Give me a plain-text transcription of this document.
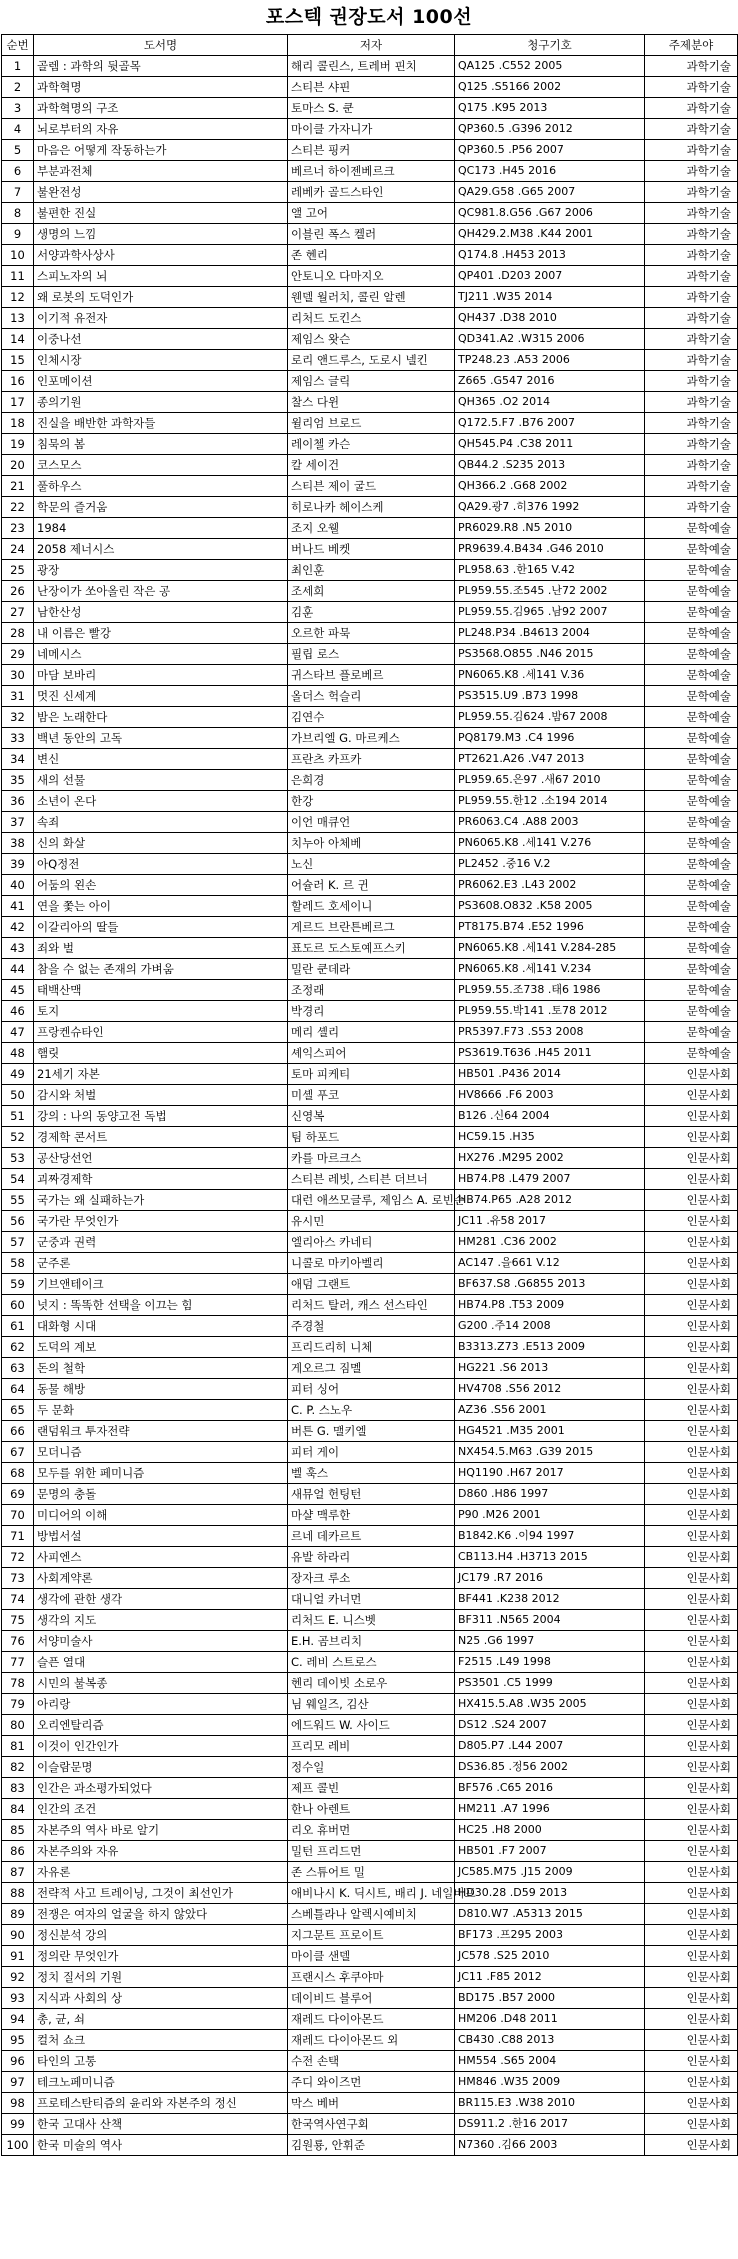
포스텍 권장도서 100선
순번	도서명	저자	청구기호	주제분야
1	골렘 : 과학의 뒷골목	해리 콜린스, 트레버 핀치	QA125 .C552 2005	과학기술
2	과학혁명	스티븐 샤핀	Q125 .S5166 2002	과학기술
3	과학혁명의 구조	토마스 S. 쿤	Q175 .K95 2013	과학기술
4	뇌로부터의 자유	마이클 가자니가	QP360.5 .G396 2012	과학기술
5	마음은 어떻게 작동하는가	스티븐 핑커	QP360.5 .P56 2007	과학기술
6	부분과전체	베르너 하이젠베르크	QC173 .H45 2016	과학기술
7	불완전성	레베카 골드스타인	QA29.G58 .G65 2007	과학기술
8	불편한 진실	앨 고어	QC981.8.G56 .G67 2006	과학기술
9	생명의 느낌	이블린 폭스 켈러	QH429.2.M38 .K44 2001	과학기술
10	서양과학사상사	존 헨리	Q174.8 .H453 2013	과학기술
11	스피노자의 뇌	안토니오 다마지오	QP401 .D203 2007	과학기술
12	왜 로봇의 도덕인가	웬델 월러치, 콜린 알렌	TJ211 .W35 2014	과학기술
13	이기적 유전자	리처드 도킨스	QH437 .D38 2010	과학기술
14	이중나선	제임스 왓슨	QD341.A2 .W315 2006	과학기술
15	인체시장	로리 앤드루스, 도로시 넬킨	TP248.23 .A53 2006	과학기술
16	인포메이션	제임스 글릭	Z665 .G547 2016	과학기술
17	종의기원	찰스 다윈	QH365 .O2 2014	과학기술
18	진실을 배반한 과학자들	윌리엄 브로드	Q172.5.F7 .B76 2007	과학기술
19	침묵의 봄	레이첼 카슨	QH545.P4 .C38 2011	과학기술
20	코스모스	칼 세이건	QB44.2 .S235 2013	과학기술
21	풀하우스	스티븐 제이 굴드	QH366.2 .G68 2002	과학기술
22	학문의 즐거움	히로나카 헤이스케	QA29.광7 .히376 1992	과학기술
23	1984	조지 오웰	PR6029.R8 .N5 2010	문학예술
24	2058 제너시스	버나드 베켓	PR9639.4.B434 .G46 2010	문학예술
25	광장	최인훈	PL958.63 .한165 V.42	문학예술
26	난장이가 쏘아올린 작은 공	조세희	PL959.55.조545 .난72 2002	문학예술
27	남한산성	김훈	PL959.55.김965 .남92 2007	문학예술
28	내 이름은 빨강	오르한 파묵	PL248.P34 .B4613 2004	문학예술
29	네메시스	필립 로스	PS3568.O855 .N46 2015	문학예술
30	마담 보바리	귀스타브 플로베르	PN6065.K8 .세141 V.36	문학예술
31	멋진 신세계	올더스 헉슬리	PS3515.U9 .B73 1998	문학예술
32	밤은 노래한다	김연수	PL959.55.김624 .밤67 2008	문학예술
33	백년 동안의 고독	가브리엘 G. 마르케스	PQ8179.M3 .C4 1996	문학예술
34	변신	프란츠 카프카	PT2621.A26 .V47 2013	문학예술
35	새의 선물	은희경	PL959.65.은97 .새67 2010	문학예술
36	소년이 온다	한강	PL959.55.한12 .소194 2014	문학예술
37	속죄	이언 매큐언	PR6063.C4 .A88 2003	문학예술
38	신의 화살	치누아 아체베	PN6065.K8 .세141 V.276	문학예술
39	아Q정전	노신	PL2452 .중16 V.2	문학예술
40	어둠의 왼손	어슐러 K. 르 귄	PR6062.E3 .L43 2002	문학예술
41	연을 쫓는 아이	할레드 호세이니	PS3608.O832 .K58 2005	문학예술
42	이갈리아의 딸들	게르드 브란튼베르그	PT8175.B74 .E52 1996	문학예술
43	죄와 벌	표도르 도스토예프스키	PN6065.K8 .세141 V.284-285	문학예술
44	참을 수 없는 존재의 가벼움	밀란 쿤데라	PN6065.K8 .세141 V.234	문학예술
45	태백산맥	조정래	PL959.55.조738 .태6 1986	문학예술
46	토지	박경리	PL959.55.박141 .토78 2012	문학예술
47	프랑켄슈타인	메리 셸리	PR5397.F73 .S53 2008	문학예술
48	햄릿	셰익스피어	PS3619.T636 .H45 2011	문학예술
49	21세기 자본	토마 피케티	HB501 .P436 2014	인문사회
50	감시와 처벌	미셸 푸코	HV8666 .F6 2003	인문사회
51	강의 : 나의 동양고전 독법	신영복	B126 .신64 2004	인문사회
52	경제학 콘서트	팀 하포드	HC59.15 .H35	인문사회
53	공산당선언	카를 마르크스	HX276 .M295 2002	인문사회
54	괴짜경제학	스티븐 레빗, 스티븐 더브너	HB74.P8 .L479 2007	인문사회
55	국가는 왜 실패하는가	대런 애쓰모글루, 제임스 A. 로빈슨	HB74.P65 .A28 2012	인문사회
56	국가란 무엇인가	유시민	JC11 .유58 2017	인문사회
57	군중과 권력	엘리아스 카네티	HM281 .C36 2002	인문사회
58	군주론	니콜로 마키아벨리	AC147 .을661 V.12	인문사회
59	기브앤테이크	애덤 그랜트	BF637.S8 .G6855 2013	인문사회
60	넛지 : 똑똑한 선택을 이끄는 힘	리처드 탈러, 캐스 선스타인	HB74.P8 .T53 2009	인문사회
61	대화형 시대	주경철	G200 .주14 2008	인문사회
62	도덕의 계보	프리드리히 니체	B3313.Z73 .E513 2009	인문사회
63	돈의 철학	게오르그 짐멜	HG221 .S6 2013	인문사회
64	동물 해방	피터 싱어	HV4708 .S56 2012	인문사회
65	두 문화	C. P. 스노우	AZ36 .S56 2001	인문사회
66	랜덤워크 투자전략	버튼 G. 맬키엘	HG4521 .M35 2001	인문사회
67	모더니즘	피터 게이	NX454.5.M63 .G39 2015	인문사회
68	모두를 위한 페미니즘	벨 훅스	HQ1190 .H67 2017	인문사회
69	문명의 충돌	새뮤얼 헌팅턴	D860 .H86 1997	인문사회
70	미디어의 이해	마샬 맥루한	P90 .M26 2001	인문사회
71	방법서설	르네 데카르트	B1842.K6 .이94 1997	인문사회
72	사피엔스	유발 하라리	CB113.H4 .H3713 2015	인문사회
73	사회계약론	장자크 루소	JC179 .R7 2016	인문사회
74	생각에 관한 생각	대니얼 카너먼	BF441 .K238 2012	인문사회
75	생각의 지도	리처드 E. 니스벳	BF311 .N565 2004	인문사회
76	서양미술사	E.H. 곰브리치	N25 .G6 1997	인문사회
77	슬픈 열대	C. 레비 스트로스	F2515 .L49 1998	인문사회
78	시민의 불복종	헨리 데이빗 소로우	PS3501 .C5 1999	인문사회
79	아리랑	님 웨일즈, 김산	HX415.5.A8 .W35 2005	인문사회
80	오리엔탈리즘	에드워드 W. 사이드	DS12 .S24 2007	인문사회
81	이것이 인간인가	프리모 레비	D805.P7 .L44 2007	인문사회
82	이슬람문명	정수일	DS36.85 .정56 2002	인문사회
83	인간은 과소평가되었다	제프 콜빈	BF576 .C65 2016	인문사회
84	인간의 조건	한나 아렌트	HM211 .A7 1996	인문사회
85	자본주의 역사 바로 알기	리오 휴버먼	HC25 .H8 2000	인문사회
86	자본주의와 자유	밀턴 프리드먼	HB501 .F7 2007	인문사회
87	자유론	존 스튜어트 밀	JC585.M75 .J15 2009	인문사회
88	전략적 사고 트레이닝, 그것이 최선인가	애비나시 K. 딕시트, 배리 J. 네일버프	HD30.28 .D59 2013	인문사회
89	전쟁은 여자의 얼굴을 하지 않았다	스베틀라나 알렉시예비치	D810.W7 .A5313 2015	인문사회
90	정신분석 강의	지그문트 프로이트	BF173 .프295 2003	인문사회
91	정의란 무엇인가	마이클 샌델	JC578 .S25 2010	인문사회
92	정치 질서의 기원	프랜시스 후쿠야마	JC11 .F85 2012	인문사회
93	지식과 사회의 상	데이비드 블루어	BD175 .B57 2000	인문사회
94	총, 균, 쇠	재레드 다이아몬드	HM206 .D48 2011	인문사회
95	컬처 쇼크	재레드 다이아몬드 외	CB430 .C88 2013	인문사회
96	타인의 고통	수전 손택	HM554 .S65 2004	인문사회
97	테크노페미니즘	주디 와이즈먼	HM846 .W35 2009	인문사회
98	프로테스탄티즘의 윤리와 자본주의 정신	막스 베버	BR115.E3 .W38 2010	인문사회
99	한국 고대사 산책	한국역사연구회	DS911.2 .한16 2017	인문사회
100	한국 미술의 역사	김원룡, 안휘준	N7360 .김66 2003	인문사회
